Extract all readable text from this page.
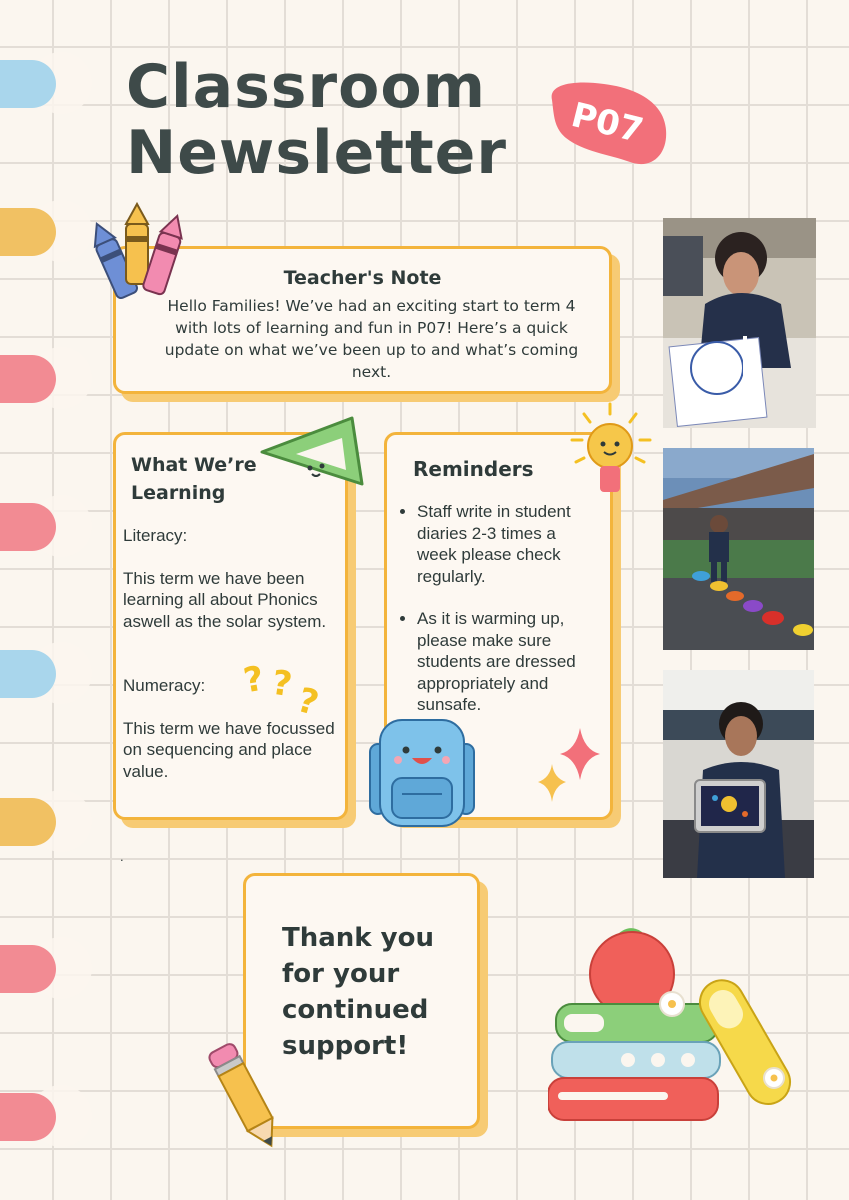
Classroom
Newsletter P07
Teacher's Note
Hello Families! We’ve had an exciting start to term 4 with lots of learning and fun in P07! Here’s a quick update on what we’ve been up to and what’s coming next.
What We’re
Learning
Literacy:
This term we have been learning all about Phonics aswell as the solar system.
Numeracy:
This term we have focussed on sequencing and place value.
? ?
?
Reminders
• Staff write in student diaries 2-3 times a week please check regularly.
• As it is warming up, please make sure students are dressed appropriately and sunsafe.
.
Thank you
for your
continued
support!
